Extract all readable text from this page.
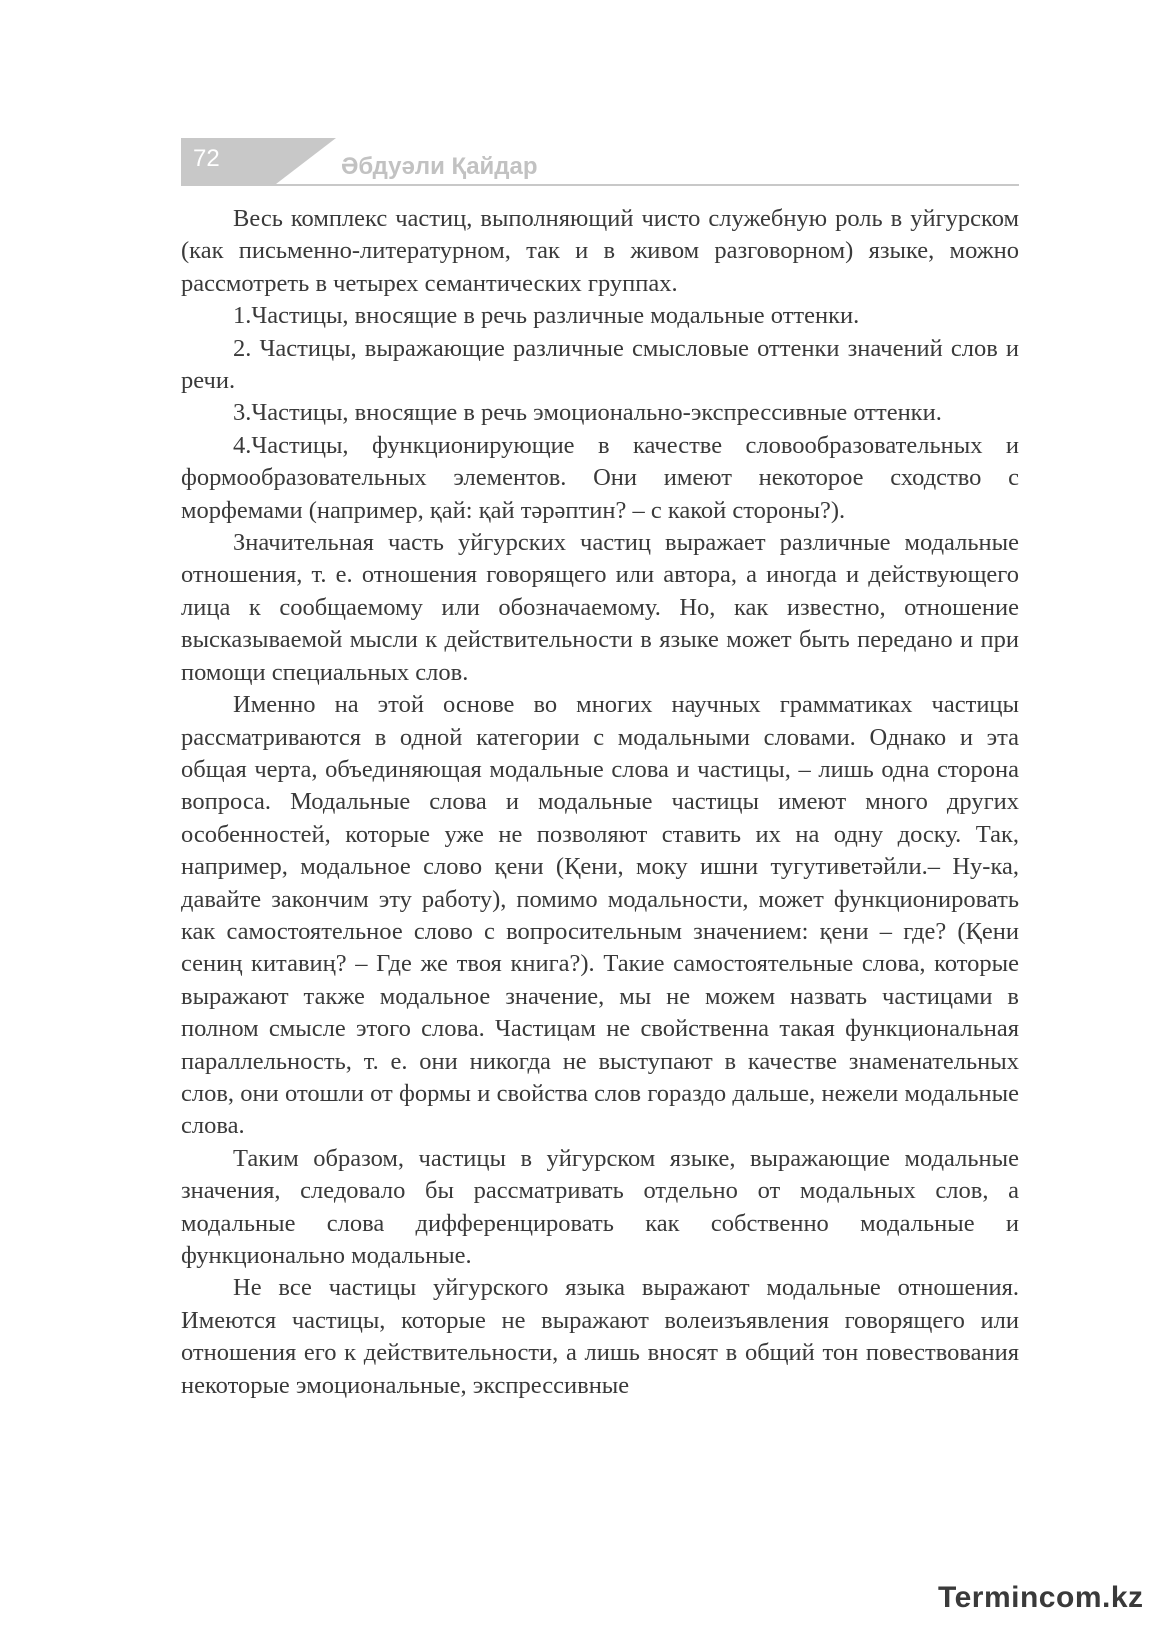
72	Әбдуәли Қайдар

Весь комплекс частиц, выполняющий чисто служебную роль в уйгурском (как письменно-литературном, так и в живом разговорном) языке, можно рассмотреть в четырех семантических группах.

1.Частицы, вносящие в речь различные модальные оттенки.

2. Частицы, выражающие различные смысловые оттенки значений слов и речи.

3.Частицы, вносящие в речь эмоционально-экспрессивные оттенки.

4.Частицы, функционирующие в качестве словообразовательных и формообразовательных элементов. Они имеют некоторое сходство с морфемами (например, қай: қай тәрәптин? – с какой стороны?).

Значительная часть уйгурских частиц выражает различные модальные отношения, т. е. отношения говорящего или автора, а иногда и действующего лица к сообщаемому или обозначаемому. Но, как известно, отношение высказываемой мысли к действительности в языке может быть передано и при помощи специальных слов.

Именно на этой основе во многих научных грамматиках частицы рассматриваются в одной категории с модальными словами. Однако и эта общая черта, объединяющая модальные слова и частицы, – лишь одна сторона вопроса. Модальные слова и модальные частицы имеют много других особенностей, которые уже не позволяют ставить их на одну доску. Так, например, модальное слово қени (Қени, моку ишни тугутиветәйли.– Ну-ка, давайте закончим эту работу), помимо модальности, может функционировать как самостоятельное слово с вопросительным значением: қени – где? (Қени сениң китавиң? – Где же твоя книга?). Такие самостоятельные слова, которые выражают также модальное значение, мы не можем назвать частицами в полном смысле этого слова. Частицам не свойственна такая функциональная параллельность, т. е. они никогда не выступают в качестве знаменательных слов, они отошли от формы и свойства слов гораздо дальше, нежели модальные слова.

Таким образом, частицы в уйгурском языке, выражающие модальные значения, следовало бы рассматривать отдельно от модальных слов, а модальные слова дифференцировать как собственно модальные и функционально модальные.

Не все частицы уйгурского языка выражают модальные отношения. Имеются частицы, которые не выражают волеизъявления говорящего или отношения его к действительности, а лишь вносят в общий тон повествования некоторые эмоциональные, экспрессивные

Termincоm.kz
